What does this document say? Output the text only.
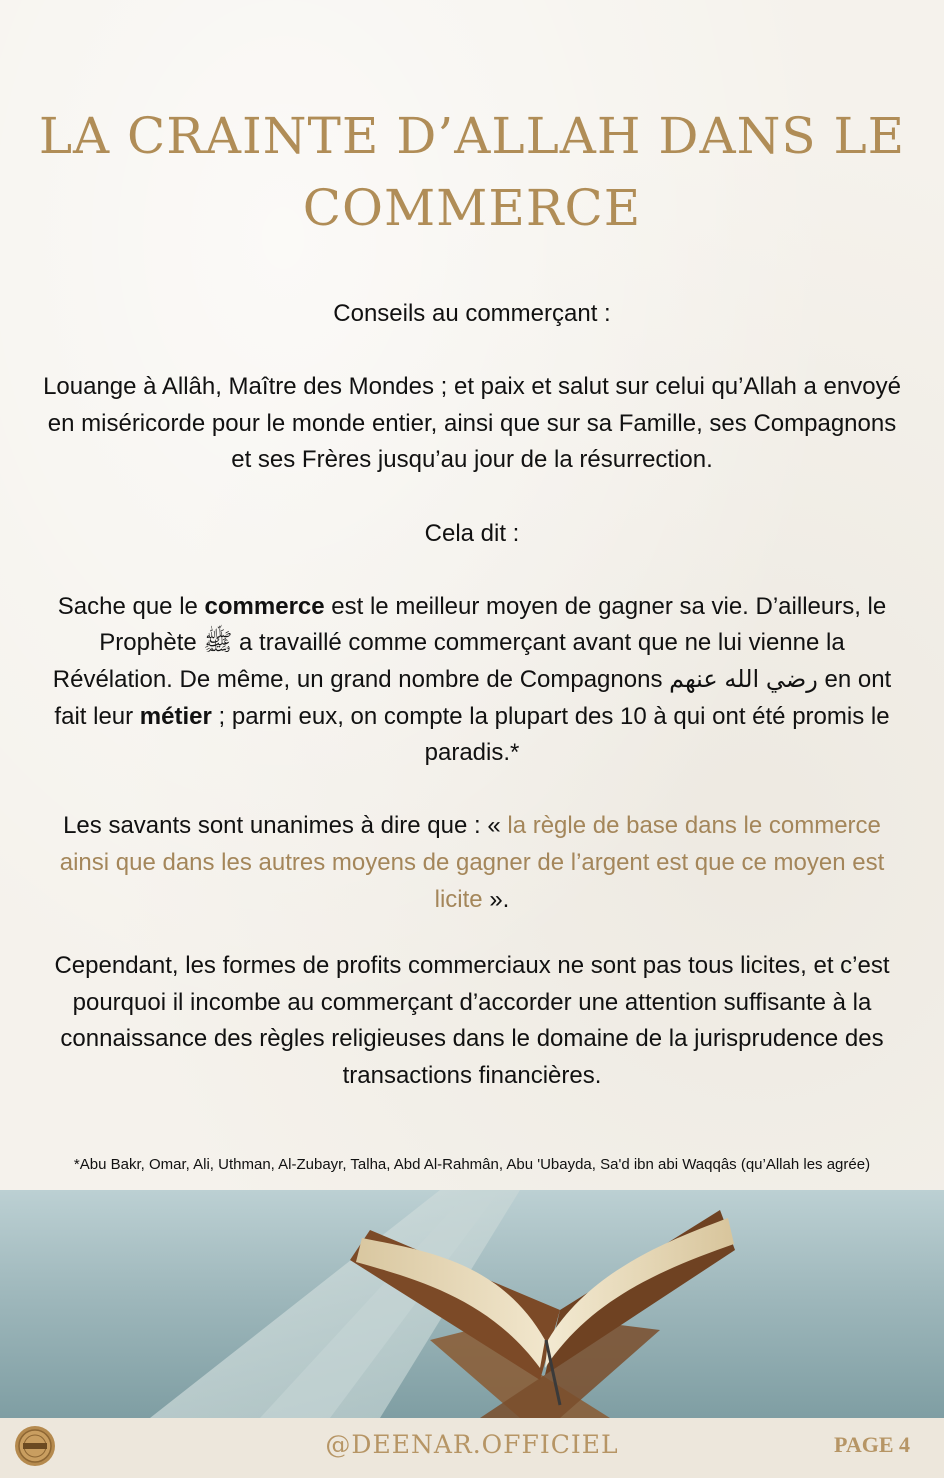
LA CRAINTE D’ALLAH DANS LE COMMERCE

Conseils au commerçant :

Louange à Allâh, Maître des Mondes ; et paix et salut sur celui qu’Allah a envoyé en miséricorde pour le monde entier, ainsi que sur sa Famille, ses Compagnons et ses Frères jusqu’au jour de la résurrection.

Cela dit :

Sache que le commerce est le meilleur moyen de gagner sa vie. D’ailleurs, le Prophète ﷺ a travaillé comme commerçant avant que ne lui vienne la Révélation. De même, un grand nombre de Compagnons رضي الله عنهم en ont fait leur métier ; parmi eux, on compte la plupart des 10 à qui ont été promis le paradis.*

Les savants sont unanimes à dire que : « la règle de base dans le commerce ainsi que dans les autres moyens de gagner de l’argent est que ce moyen est licite ».

Cependant, les formes de profits commerciaux ne sont pas tous licites, et c’est pourquoi il incombe au commerçant d’accorder une attention suffisante à la connaissance des règles religieuses dans le domaine de la jurisprudence des transactions financières.

*Abu Bakr, Omar, Ali, Uthman, Al-Zubayr, Talha, Abd Al-Rahmân, Abu 'Ubayda, Sa'd ibn abi Waqqâs (qu’Allah les agrée)
@DEENAR.OFFICIEL	PAGE 4
